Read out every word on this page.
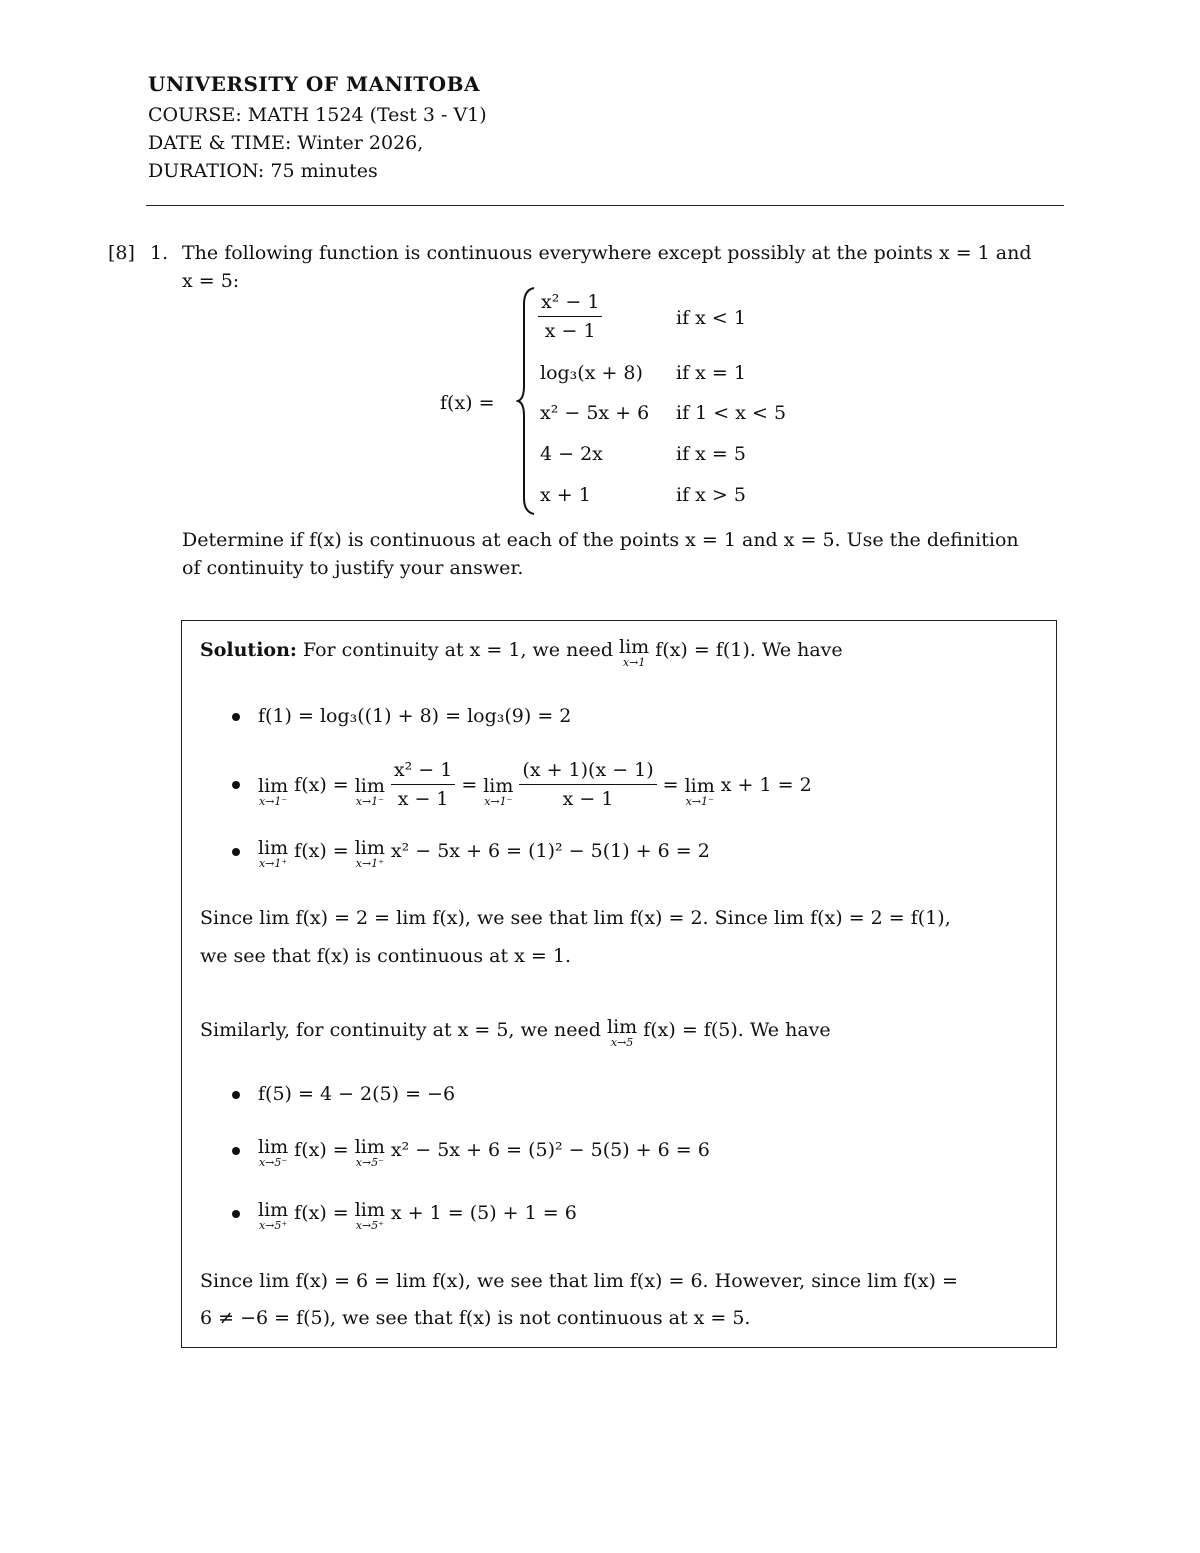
UNIVERSITY OF MANITOBA
COURSE: MATH 1524 (Test 3 - V1)
DATE & TIME: Winter 2026,
DURATION: 75 minutes
[8] 1. The following function is continuous everywhere except possibly at the points x = 1 and
x = 5:
f(x) =
$\frac{\text{x² − 1}}{x - 1}$	if x < 1
log₃(x + 8) if x = 1
x² − 5x + 6 if 1 < x < 5
4 − 2x	if x = 5
x + 1	if x > 5
Determine if f(x) is continuous at each of the points x = 1 and x = 5. Use the definition
of continuity to justify your answer.
Solution: For continuity at x = 1, we need lim
x→1
f(x) = f(1). We have
f(1) = log₃((1) + 8) = log₃(9) = 2
lim
x→1⁻
f(x) = lim
$x\to 1^- \frac{\text{x² − 1}}{x - 1} = \lim$
$x\to 1^- \frac{(x + 1)(x - 1)}{x - 1} = \lim$
x→1⁻
x + 1 = 2
lim
x→1⁺
f(x) = lim
x→1⁺
x² − 5x + 6 = (1)² − 5(1) + 6 = 2
Since lim f(x) = 2 = lim f(x), we see that lim f(x) = 2. Since lim f(x) = 2 = f(1),
we see that f(x) is continuous at x = 1.
Similarly, for continuity at x = 5, we need lim
x→5
f(x) = f(5). We have
f(5) = 4 − 2(5) = −6
lim
x→5⁻
f(x) = lim
x→5⁻
x² − 5x + 6 = (5)² − 5(5) + 6 = 6
lim
x→5⁺
f(x) = lim
x→5⁺
x + 1 = (5) + 1 = 6
Since lim f(x) = 6 = lim f(x), we see that lim f(x) = 6. However, since lim f(x) =
6 ≠ −6 = f(5), we see that f(x) is not continuous at x = 5.
